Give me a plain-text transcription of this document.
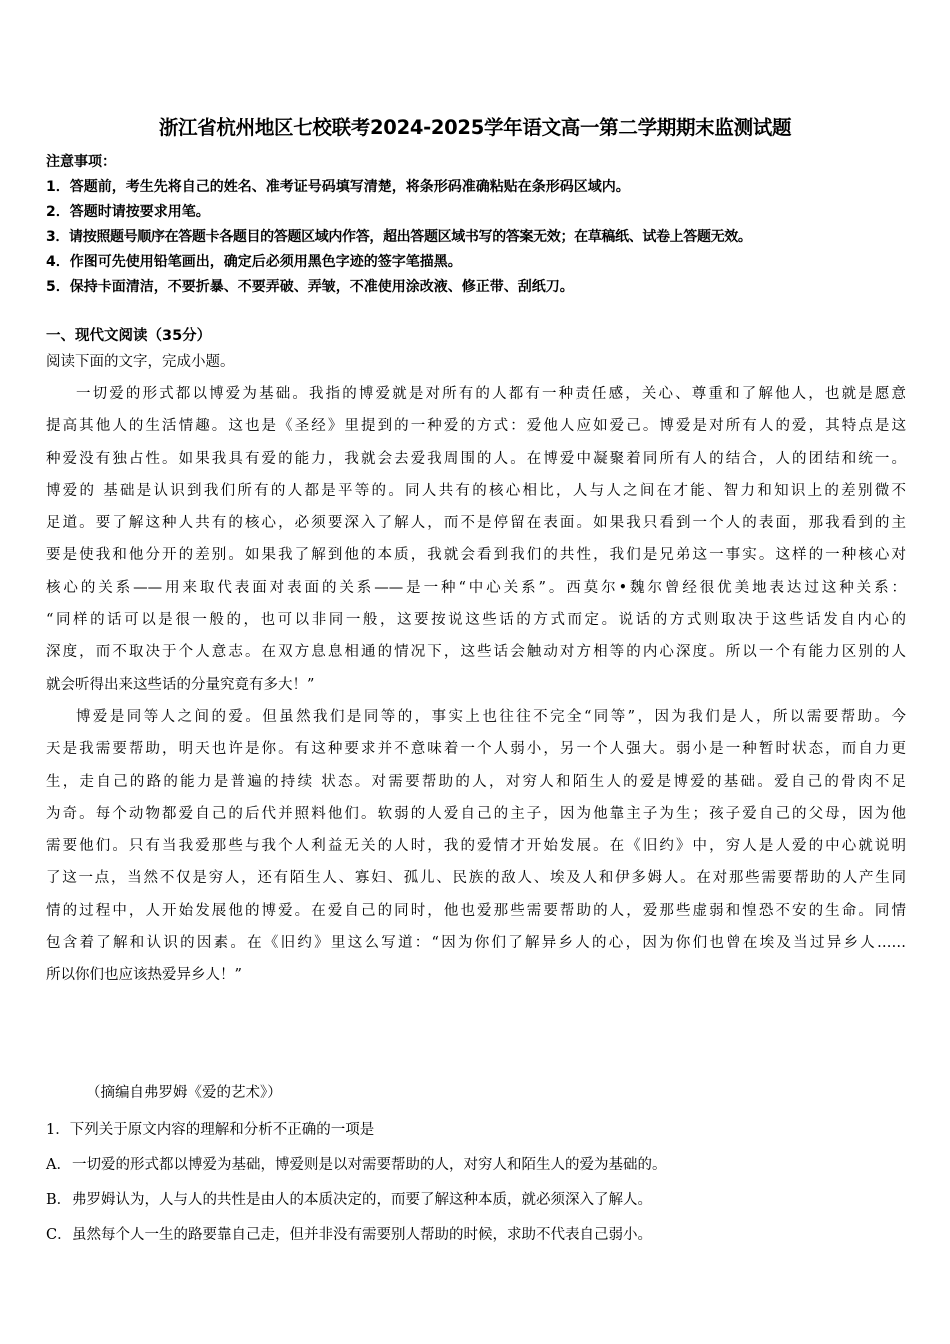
浙江省杭州地区七校联考2024-2025学年语文高一第二学期期末监测试题
注意事项：
1．答题前，考生先将自己的姓名、准考证号码填写清楚，将条形码准确粘贴在条形码区域内。
2．答题时请按要求用笔。
3．请按照题号顺序在答题卡各题目的答题区域内作答，超出答题区域书写的答案无效；在草稿纸、试卷上答题无效。
4．作图可先使用铅笔画出，确定后必须用黑色字迹的签字笔描黑。
5．保持卡面清洁，不要折暴、不要弄破、弄皱，不准使用涂改液、修正带、刮纸刀。
一、现代文阅读（35分）
阅读下面的文字，完成小题。
一切爱的形式都以博爱为基础。我指的博爱就是对所有的人都有一种责任感，关心、尊重和了解他人，也就是愿意
提高其他人的生活情趣。这也是《圣经》里提到的一种爱的方式：爱他人应如爱己。博爱是对所有人的爱，其特点是这
种爱没有独占性。如果我具有爱的能力，我就会去爱我周围的人。在博爱中凝聚着同所有人的结合，人的团结和统一。
博爱的 基础是认识到我们所有的人都是平等的。同人共有的核心相比，人与人之间在才能、智力和知识上的差别微不
足道。要了解这种人共有的核心，必须要深入了解人，而不是停留在表面。如果我只看到一个人的表面，那我看到的主
要是使我和他分开的差别。如果我了解到他的本质，我就会看到我们的共性，我们是兄弟这一事实。这样的一种核心对
核心的关系——用来取代表面对表面的关系——是一种“中心关系”。西莫尔•魏尔曾经很优美地表达过这种关系：
“同样的话可以是很一般的，也可以非同一般，这要按说这些话的方式而定。说话的方式则取决于这些话发自内心的
深度，而不取决于个人意志。在双方息息相通的情况下，这些话会触动对方相等的内心深度。所以一个有能力区别的人
就会听得出来这些话的分量究竟有多大！”
博爱是同等人之间的爱。但虽然我们是同等的，事实上也往往不完全“同等”，因为我们是人，所以需要帮助。今
天是我需要帮助，明天也许是你。有这种要求并不意味着一个人弱小，另一个人强大。弱小是一种暂时状态，而自力更
生，走自己的路的能力是普遍的持续 状态。对需要帮助的人，对穷人和陌生人的爱是博爱的基础。爱自己的骨肉不足
为奇。每个动物都爱自己的后代并照料他们。软弱的人爱自己的主子，因为他靠主子为生；孩子爱自己的父母，因为他
需要他们。只有当我爱那些与我个人利益无关的人时，我的爱情才开始发展。在《旧约》中，穷人是人爱的中心就说明
了这一点，当然不仅是穷人，还有陌生人、寡妇、孤儿、民族的敌人、埃及人和伊多姆人。在对那些需要帮助的人产生同
情的过程中，人开始发展他的博爱。在爱自己的同时，他也爱那些需要帮助的人，爱那些虚弱和惶恐不安的生命。同情
包含着了解和认识的因素。在《旧约》里这么写道：“因为你们了解异乡人的心，因为你们也曾在埃及当过异乡人……
所以你们也应该热爱异乡人！”
（摘编自弗罗姆《爱的艺术》）
1．下列关于原文内容的理解和分析不正确的一项是
A．一切爱的形式都以博爱为基础，博爱则是以对需要帮助的人，对穷人和陌生人的爱为基础的。
B．弗罗姆认为，人与人的共性是由人的本质决定的，而要了解这种本质，就必须深入了解人。
C．虽然每个人一生的路要靠自己走，但并非没有需要别人帮助的时候，求助不代表自己弱小。
